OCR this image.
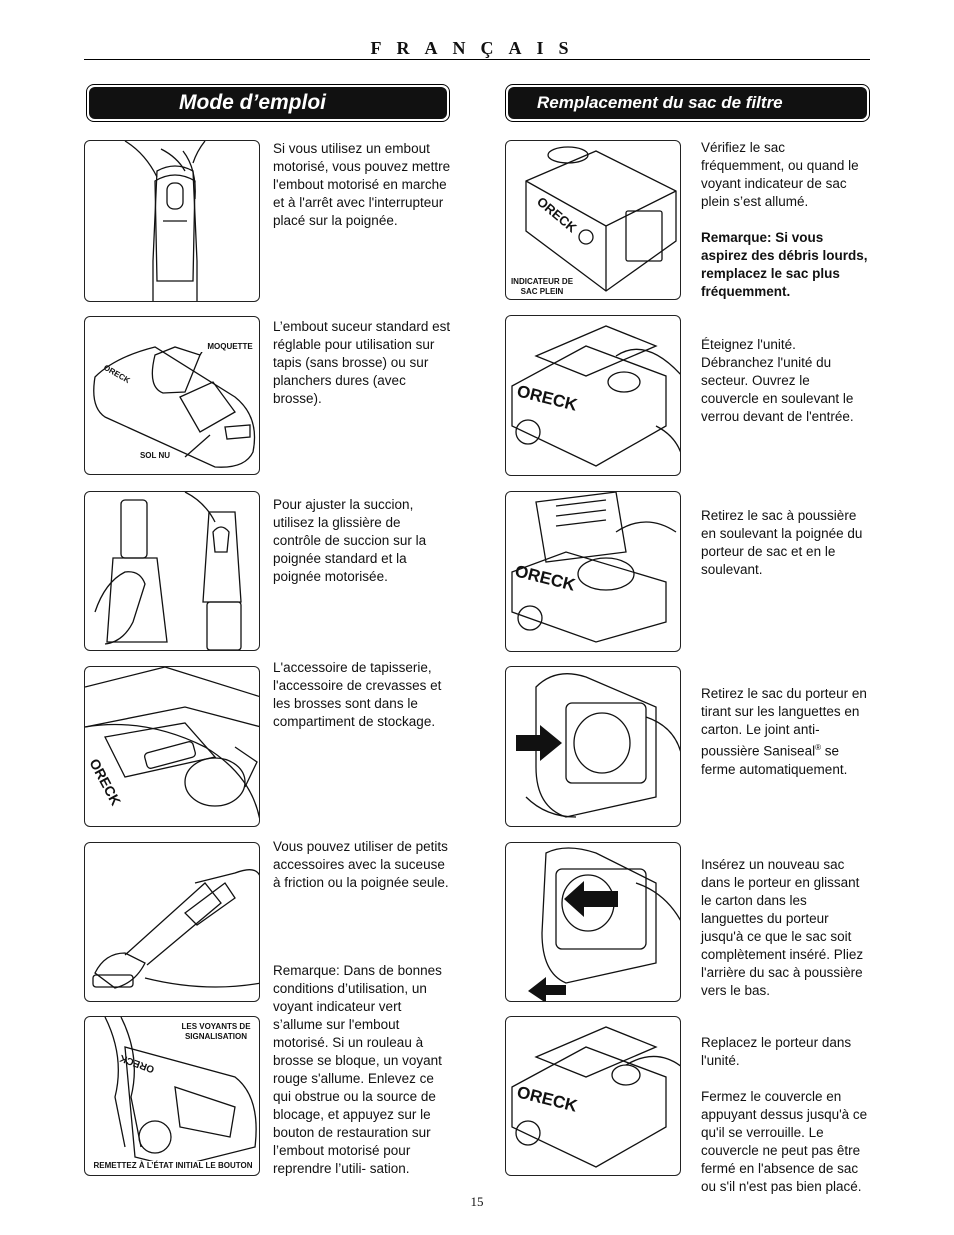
FRANÇAIS
Mode d’emploi	Remplacement du sac de filtre
Si vous utilisez un embout motorisé, vous pouvez mettre l'embout motorisé en marche et à l'arrêt avec l'interrupteur placé sur la poignée.
ORECK
MOQUETTE
SOL NU
L’embout suceur standard est réglable pour utilisation sur tapis (sans brosse) ou sur planchers dures (avec brosse).
Pour ajuster la succion, utilisez la glissière de contrôle de succion sur la poignée standard et la poignée motorisée.
ORECK
L'accessoire de tapisserie, l'accessoire de crevasses et les brosses sont dans le compartiment de stockage.
Vous pouvez utiliser de petits accessoires avec la suceuse à friction ou la poignée seule.
ORECK
LES VOYANTS DE SIGNALISATION
REMETTEZ À L’ÉTAT INITIAL LE BOUTON
Remarque: Dans de bonnes conditions d’utilisation, un voyant indicateur vert s’allume sur l'embout motorisé. Si un rouleau à brosse se bloque, un voyant rouge s'allume. Enlevez ce qui obstrue ou la source de blocage, et appuyez sur le bouton de restauration sur l’embout motorisé pour reprendre l’utili- sation.
ORECK
INDICATEUR DE SAC PLEIN
Vérifiez le sac fréquemment, ou quand le voyant indicateur de sac plein s’est allumé.
Remarque: Si vous aspirez des débris lourds, remplacez le sac plus fréquemment.
ORECK
Éteignez l'unité. Débranchez l'unité du secteur. Ouvrez le couvercle en soulevant le verrou devant de l'entrée.
ORECK
Retirez le sac à poussière en soulevant la poignée du porteur de sac et en le soulevant.
Retirez le sac du porteur en tirant sur les languettes en carton. Le joint anti-poussière Saniseal® se ferme automatiquement.
Insérez un nouveau sac dans le porteur en glissant le carton dans les languettes du porteur jusqu'à ce que le sac soit complètement inséré. Pliez l'arrière du sac à poussière vers le bas.
ORECK
Replacez le porteur dans l'unité.
Fermez le couvercle en appuyant dessus jusqu'à ce qu'il se verrouille. Le couvercle ne peut pas être fermé en l'absence de sac ou s'il n'est pas bien placé.
15
